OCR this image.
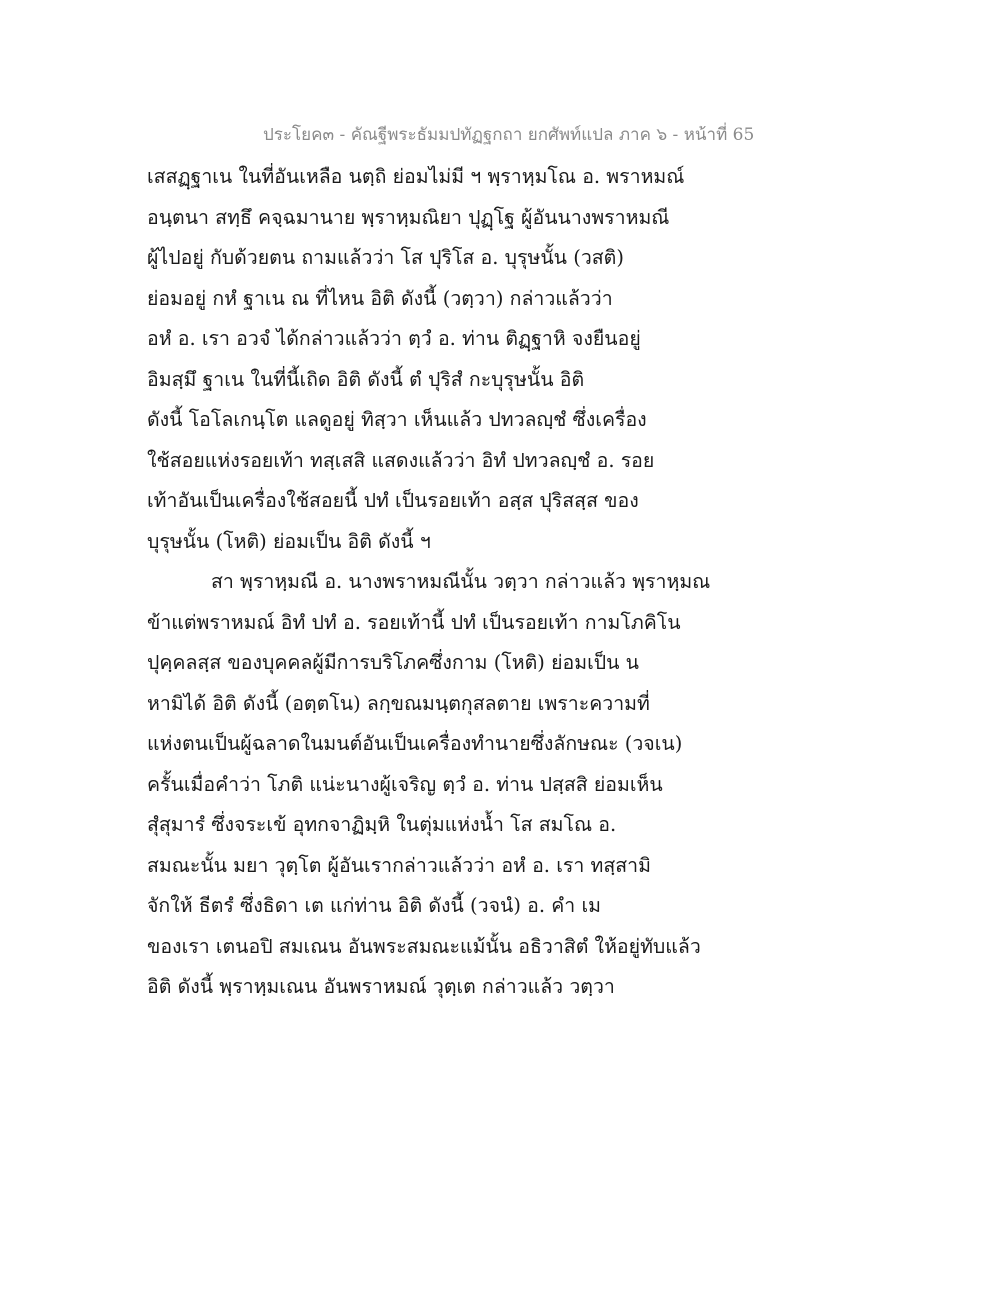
ประโยค๓ - คัณฐีพระธัมมปทัฏฐกถา ยกศัพท์แปล ภาค ๖ - หน้าที่ 65
เสสฏฺฐาเน ในที่อันเหลือ นตฺถิ ย่อมไม่มี ฯ พฺราหฺมโณ อ. พราหมณ์
อนฺตนา สทฺธึ คจฺฉมานาย พฺราหฺมณิยา ปุฏฺโฐ ผู้อันนางพราหมณี
ผู้ไปอยู่ กับด้วยตน ถามแล้วว่า โส ปุริโส อ. บุรุษนั้น (วสติ)
ย่อมอยู่ กหํ ฐาเน ณ ที่ไหน อิติ ดังนี้ (วตฺวา) กล่าวแล้วว่า
อหํ อ. เรา อวจํ ได้กล่าวแล้วว่า ตฺวํ อ. ท่าน ติฏฺฐาหิ จงยืนอยู่
อิมสฺมึ ฐาเน ในที่นี้เถิด อิติ ดังนี้ ตํ ปุริสํ กะบุรุษนั้น อิติ
ดังนี้ โอโลเกนฺโต แลดูอยู่ ทิสฺวา เห็นแล้ว ปทวลญฺชํ ซึ่งเครื่อง
ใช้สอยแห่งรอยเท้า ทสฺเสสิ แสดงแล้วว่า อิทํ ปทวลญฺชํ อ. รอย
เท้าอันเป็นเครื่องใช้สอยนี้ ปทํ เป็นรอยเท้า อสฺส ปุริสสฺส ของ
บุรุษนั้น (โหติ) ย่อมเป็น อิติ ดังนี้ ฯ
สา พฺราหฺมณี อ. นางพราหมณีนั้น วตฺวา กล่าวแล้ว พฺราหฺมณ
ข้าแต่พราหมณ์ อิทํ ปทํ อ. รอยเท้านี้ ปทํ เป็นรอยเท้า กามโภคิโน
ปุคฺคลสฺส ของบุคคลผู้มีการบริโภคซึ่งกาม (โหติ) ย่อมเป็น น
หามิได้ อิติ ดังนี้ (อตฺตโน) ลกฺขณมนฺตกุสลตาย เพราะความที่
แห่งตนเป็นผู้ฉลาดในมนต์อันเป็นเครื่องทำนายซึ่งลักษณะ (วจเน)
ครั้นเมื่อคำว่า โภติ แน่ะนางผู้เจริญ ตฺวํ อ. ท่าน ปสฺสสิ ย่อมเห็น
สุํสุมารํ ซึ่งจระเข้ อุทกจาฏิมฺหิ ในตุ่มแห่งน้ำ โส สมโณ อ.
สมณะนั้น มยา วุตฺโต ผู้อันเรากล่าวแล้วว่า อหํ อ. เรา ทสฺสามิ
จักให้ ธีตรํ ซึ่งธิดา เต แก่ท่าน อิติ ดังนี้ (วจนํ) อ. คำ เม
ของเรา เตนอปิ สมเณน อันพระสมณะแม้นั้น อธิวาสิตํ ให้อยู่ทับแล้ว
อิติ ดังนี้ พฺราหฺมเณน อันพราหมณ์ วุตฺเต กล่าวแล้ว วตฺวา
